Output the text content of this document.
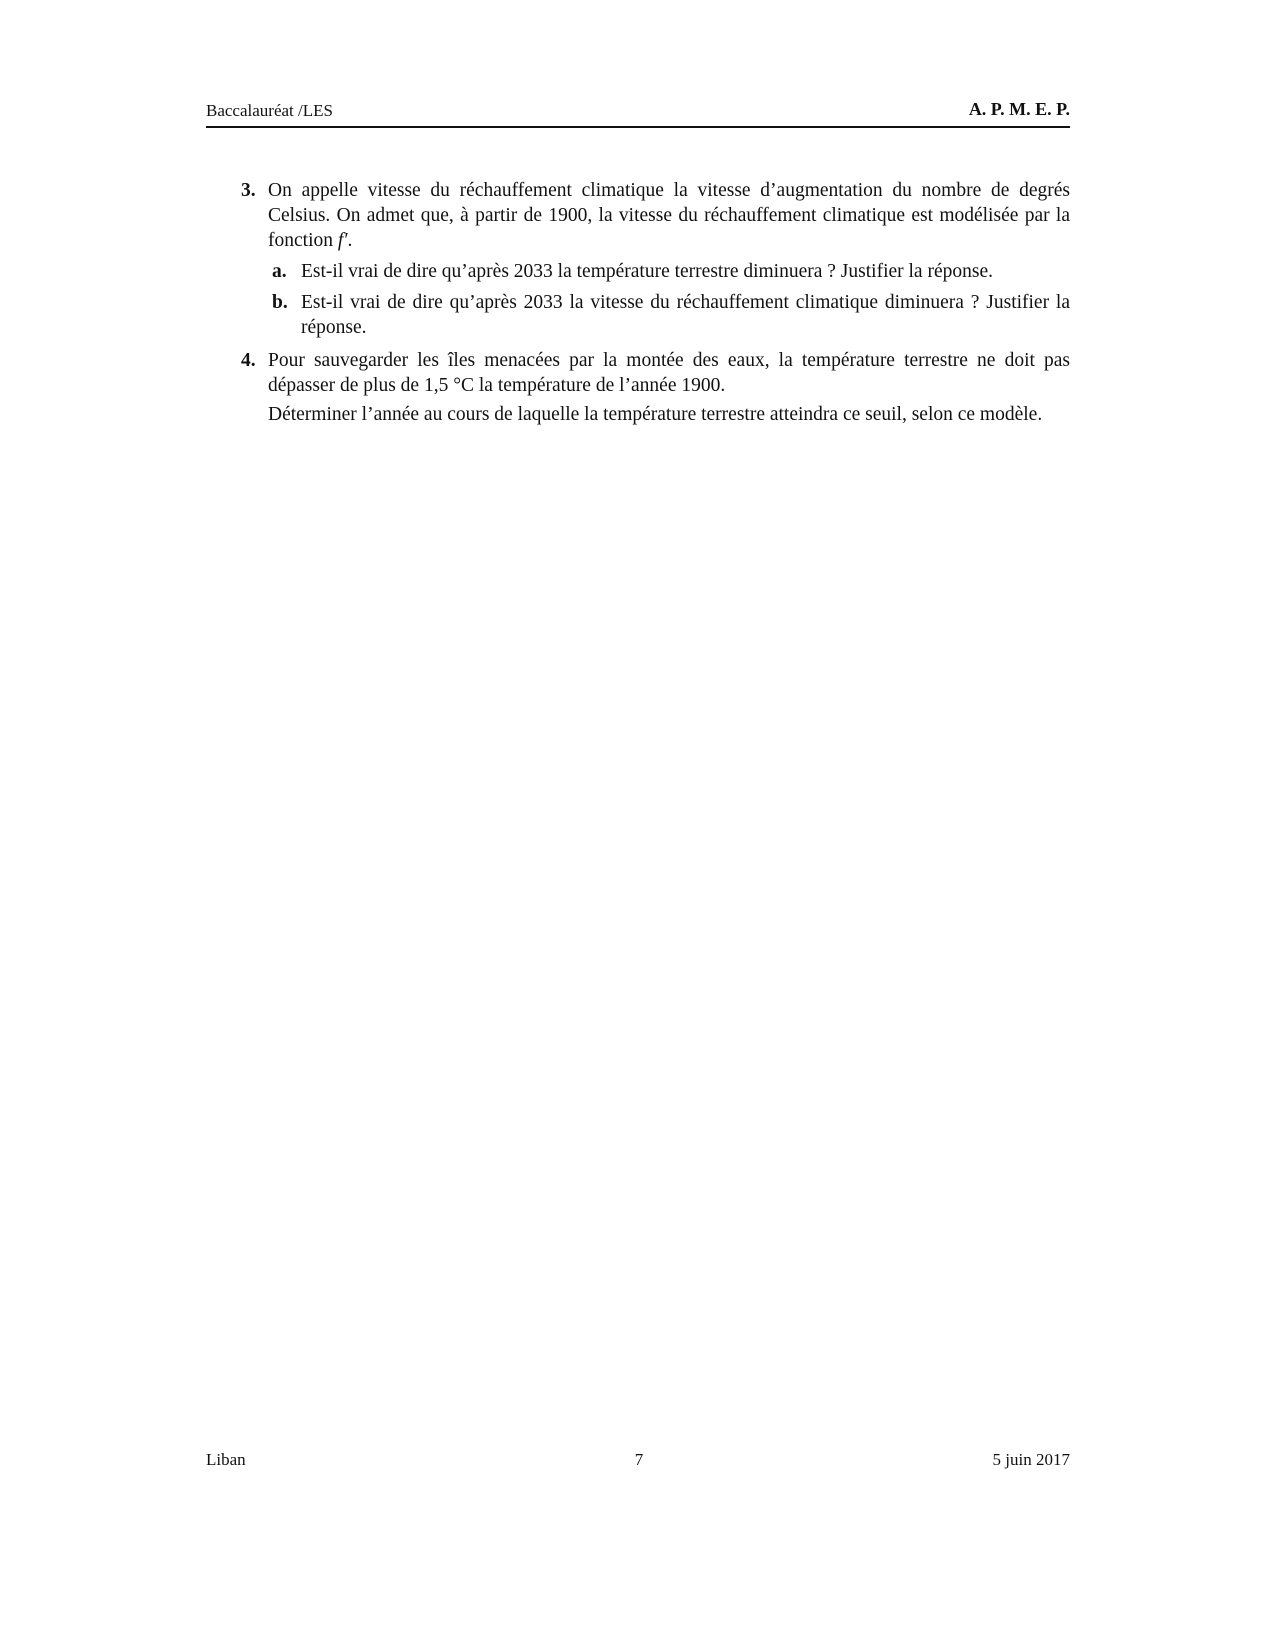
Baccalauréat /LES	A. P. M. E. P.
3. On appelle vitesse du réchauffement climatique la vitesse d’augmentation du nombre de degrés Celsius. On admet que, à partir de 1900, la vitesse du réchauffement climatique est modélisée par la fonction f′.
a. Est-il vrai de dire qu’après 2033 la température terrestre diminuera ? Justifier la réponse.
b. Est-il vrai de dire qu’après 2033 la vitesse du réchauffement climatique diminuera ? Justifier la réponse.
4. Pour sauvegarder les îles menacées par la montée des eaux, la température terrestre ne doit pas dépasser de plus de 1,5 °C la température de l’année 1900.
Déterminer l’année au cours de laquelle la température terrestre atteindra ce seuil, selon ce modèle.
Liban	7	5 juin 2017
